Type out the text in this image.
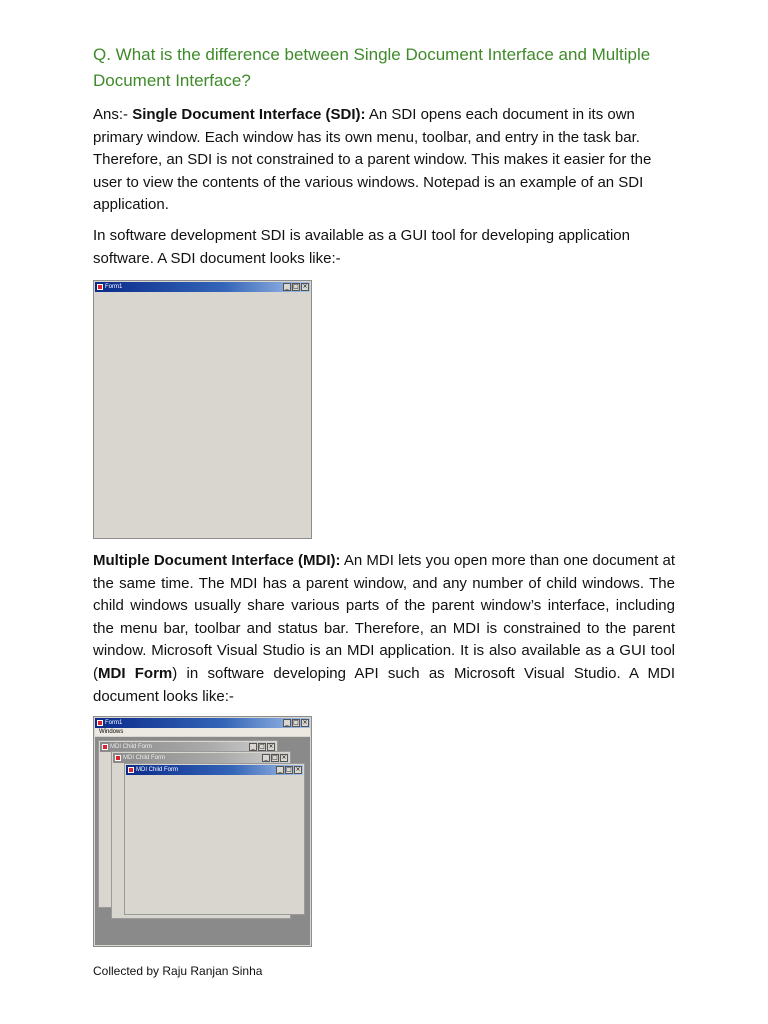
Q. What is the difference between Single Document Interface and Multiple Document Interface?

Ans:- Single Document Interface (SDI): An SDI opens each document in its own primary window. Each window has its own menu, toolbar, and entry in the task bar. Therefore, an SDI is not constrained to a parent window. This makes it easier for the user to view the contents of the various windows. Notepad is an example of an SDI application.

In software development SDI is available as a GUI tool for developing application software. A SDI document looks like:-

Form1	_ □ ×

Multiple Document Interface (MDI): An MDI lets you open more than one document at the same time. The MDI has a parent window, and any number of child windows. The child windows usually share various parts of the parent window’s interface, including the menu bar, toolbar and status bar. Therefore, an MDI is constrained to the parent window. Microsoft Visual Studio is an MDI application. It is also available as a GUI tool (MDI Form) in software developing API such as Microsoft Visual Studio. A MDI document looks like:-

Form1	_ □ ×
Windows
MDI Child Form	_ □ ×
MDI Child Form	_ □ ×
MDI Child Form	_ □ ×
Collected by Raju Ranjan Sinha
